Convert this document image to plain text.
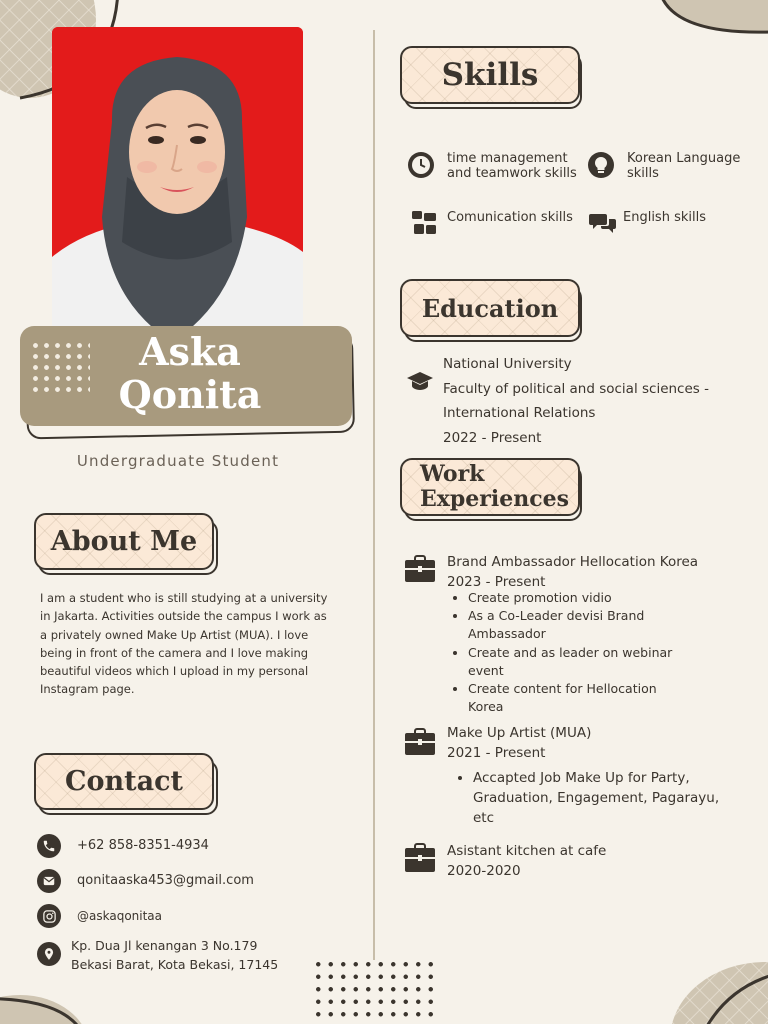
Aska
Qonita
Undergraduate Student
About Me
I am a student who is still studying at a university in Jakarta. Activities outside the campus I work as a privately owned Make Up Artist (MUA). I love being in front of the camera and I love making beautiful videos which I upload in my personal Instagram page.
Contact
+62 858-8351-4934
qonitaaska453@gmail.com
@askaqonitaa
Kp. Dua Jl kenangan 3 No.179
Bekasi Barat, Kota Bekasi, 17145
Skills
time management
and teamwork skills
Korean Language
skills
Comunication skills	English skills
Education
National University
Faculty of political and social sciences -
International Relations
2022 - Present
Work
Experiences
Brand Ambassador Hellocation Korea
2023 - Present
• Create promotion vidio
• As a Co-Leader devisi Brand Ambassador
• Create and as leader on webinar event
• Create content for Hellocation Korea
Make Up Artist (MUA)
2021 - Present
• Accapted Job Make Up for Party, Graduation, Engagement, Pagarayu, etc
Asistant kitchen at cafe
2020-2020
